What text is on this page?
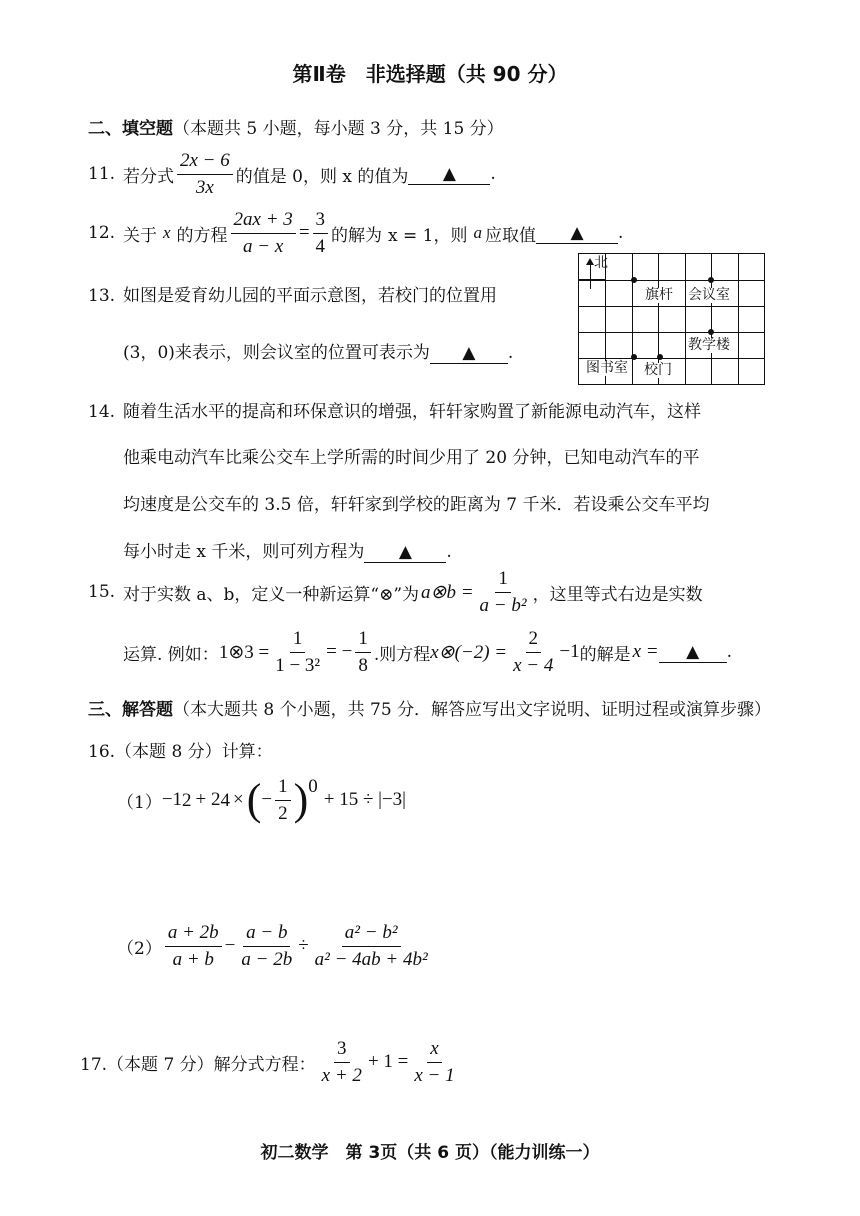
第Ⅱ卷　非选择题（共 90 分）
二、填空题（本题共 5 小题，每小题 3 分，共 15 分）
11. 若分式 $\frac{2x - 6}{3x}$ 的值是 0，则 x 的值为	▲	.
12. 关于 x 的方程 $\frac{2ax + 3}{a - x} = \frac{3}{4}$ 的解为 x = 1，则 a 应取值	▲	.
13. 如图是爱育幼儿园的平面示意图，若校门的位置用
(3，0)来表示，则会议室的位置可表示为 ▲ .
北
旗杆 会议室
教学楼
图书室 校门
14. 随着生活水平的提高和环保意识的增强，轩轩家购置了新能源电动汽车，这样
他乘电动汽车比乘公交车上学所需的时间少用了 20 分钟，已知电动汽车的平
均速度是公交车的 3.5 倍，轩轩家到学校的距离为 7 千米．若设乘公交车平均
每小时走 x 千米，则可列方程为 ▲ .
15. 对于实数 a、b，定义一种新运算“⊗”为 a⊗b = $\frac{1}{\text{a − b²}}$ ，这里等式右边是实数
运算. 例如： 1⊗3 = $\frac{1}{\text{1 − 3²}}$ = − $\frac{1}{8}$ .则方程 x⊗(−2) = $\frac{2}{x - 4} -1$ 的解是 x =	▲	.
三、解答题（本大题共 8 个小题，共 75 分．解答应写出文字说明、证明过程或演算步骤）
16.（本题 8 分）计算：
（1） −1 2 + 2 4 × ( − $\frac{1}{2}$ ) 0
+ 15 ÷ |−3|
$(2) \frac{a + 2b}{a + b} - \frac{a - b}{a - 2b} \div \frac{\text{a² − b²}}{\text{a² − 4ab + 4b²}}$
17.（本题 7 分）解分式方程： $\frac{3}{x + 2} + 1 = \frac{x}{x - 1}$
初二数学　第 3页（共 6 页）（能力训练一）
